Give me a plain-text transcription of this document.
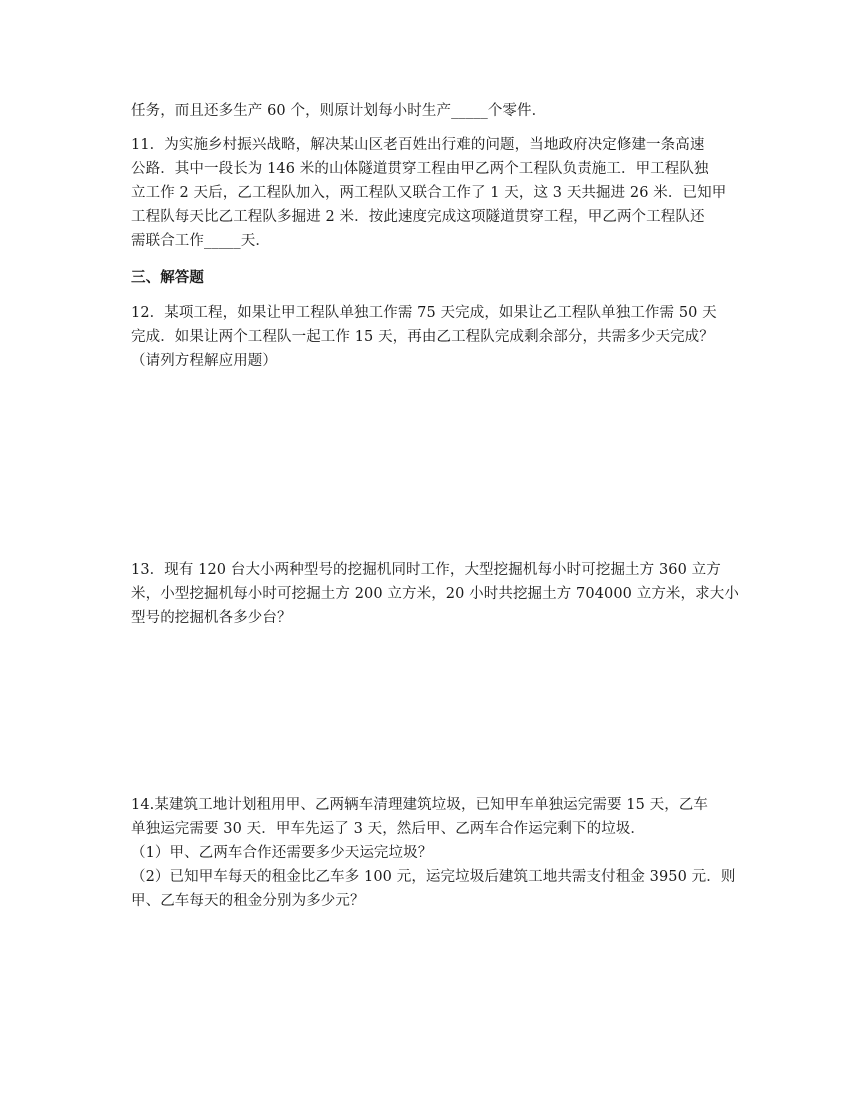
任务，而且还多生产 60 个，则原计划每小时生产_____个零件．
11．为实施乡村振兴战略，解决某山区老百姓出行难的问题，当地政府决定修建一条高速
公路．其中一段长为 146 米的山体隧道贯穿工程由甲乙两个工程队负责施工．甲工程队独
立工作 2 天后，乙工程队加入，两工程队又联合工作了 1 天，这 3 天共掘进 26 米．已知甲
工程队每天比乙工程队多掘进 2 米．按此速度完成这项隧道贯穿工程，甲乙两个工程队还
需联合工作_____天．
三、解答题
12．某项工程，如果让甲工程队单独工作需 75 天完成，如果让乙工程队单独工作需 50 天
完成．如果让两个工程队一起工作 15 天，再由乙工程队完成剩余部分，共需多少天完成？
（请列方程解应用题）
13．现有 120 台大小两种型号的挖掘机同时工作，大型挖掘机每小时可挖掘土方 360 立方
米，小型挖掘机每小时可挖掘土方 200 立方米，20 小时共挖掘土方 704000 立方米，求大小
型号的挖掘机各多少台？
14.某建筑工地计划租用甲、乙两辆车清理建筑垃圾，已知甲车单独运完需要 15 天，乙车
单独运完需要 30 天．甲车先运了 3 天，然后甲、乙两车合作运完剩下的垃圾．
（1）甲、乙两车合作还需要多少天运完垃圾？
（2）已知甲车每天的租金比乙车多 100 元，运完垃圾后建筑工地共需支付租金 3950 元．则
甲、乙车每天的租金分别为多少元？
